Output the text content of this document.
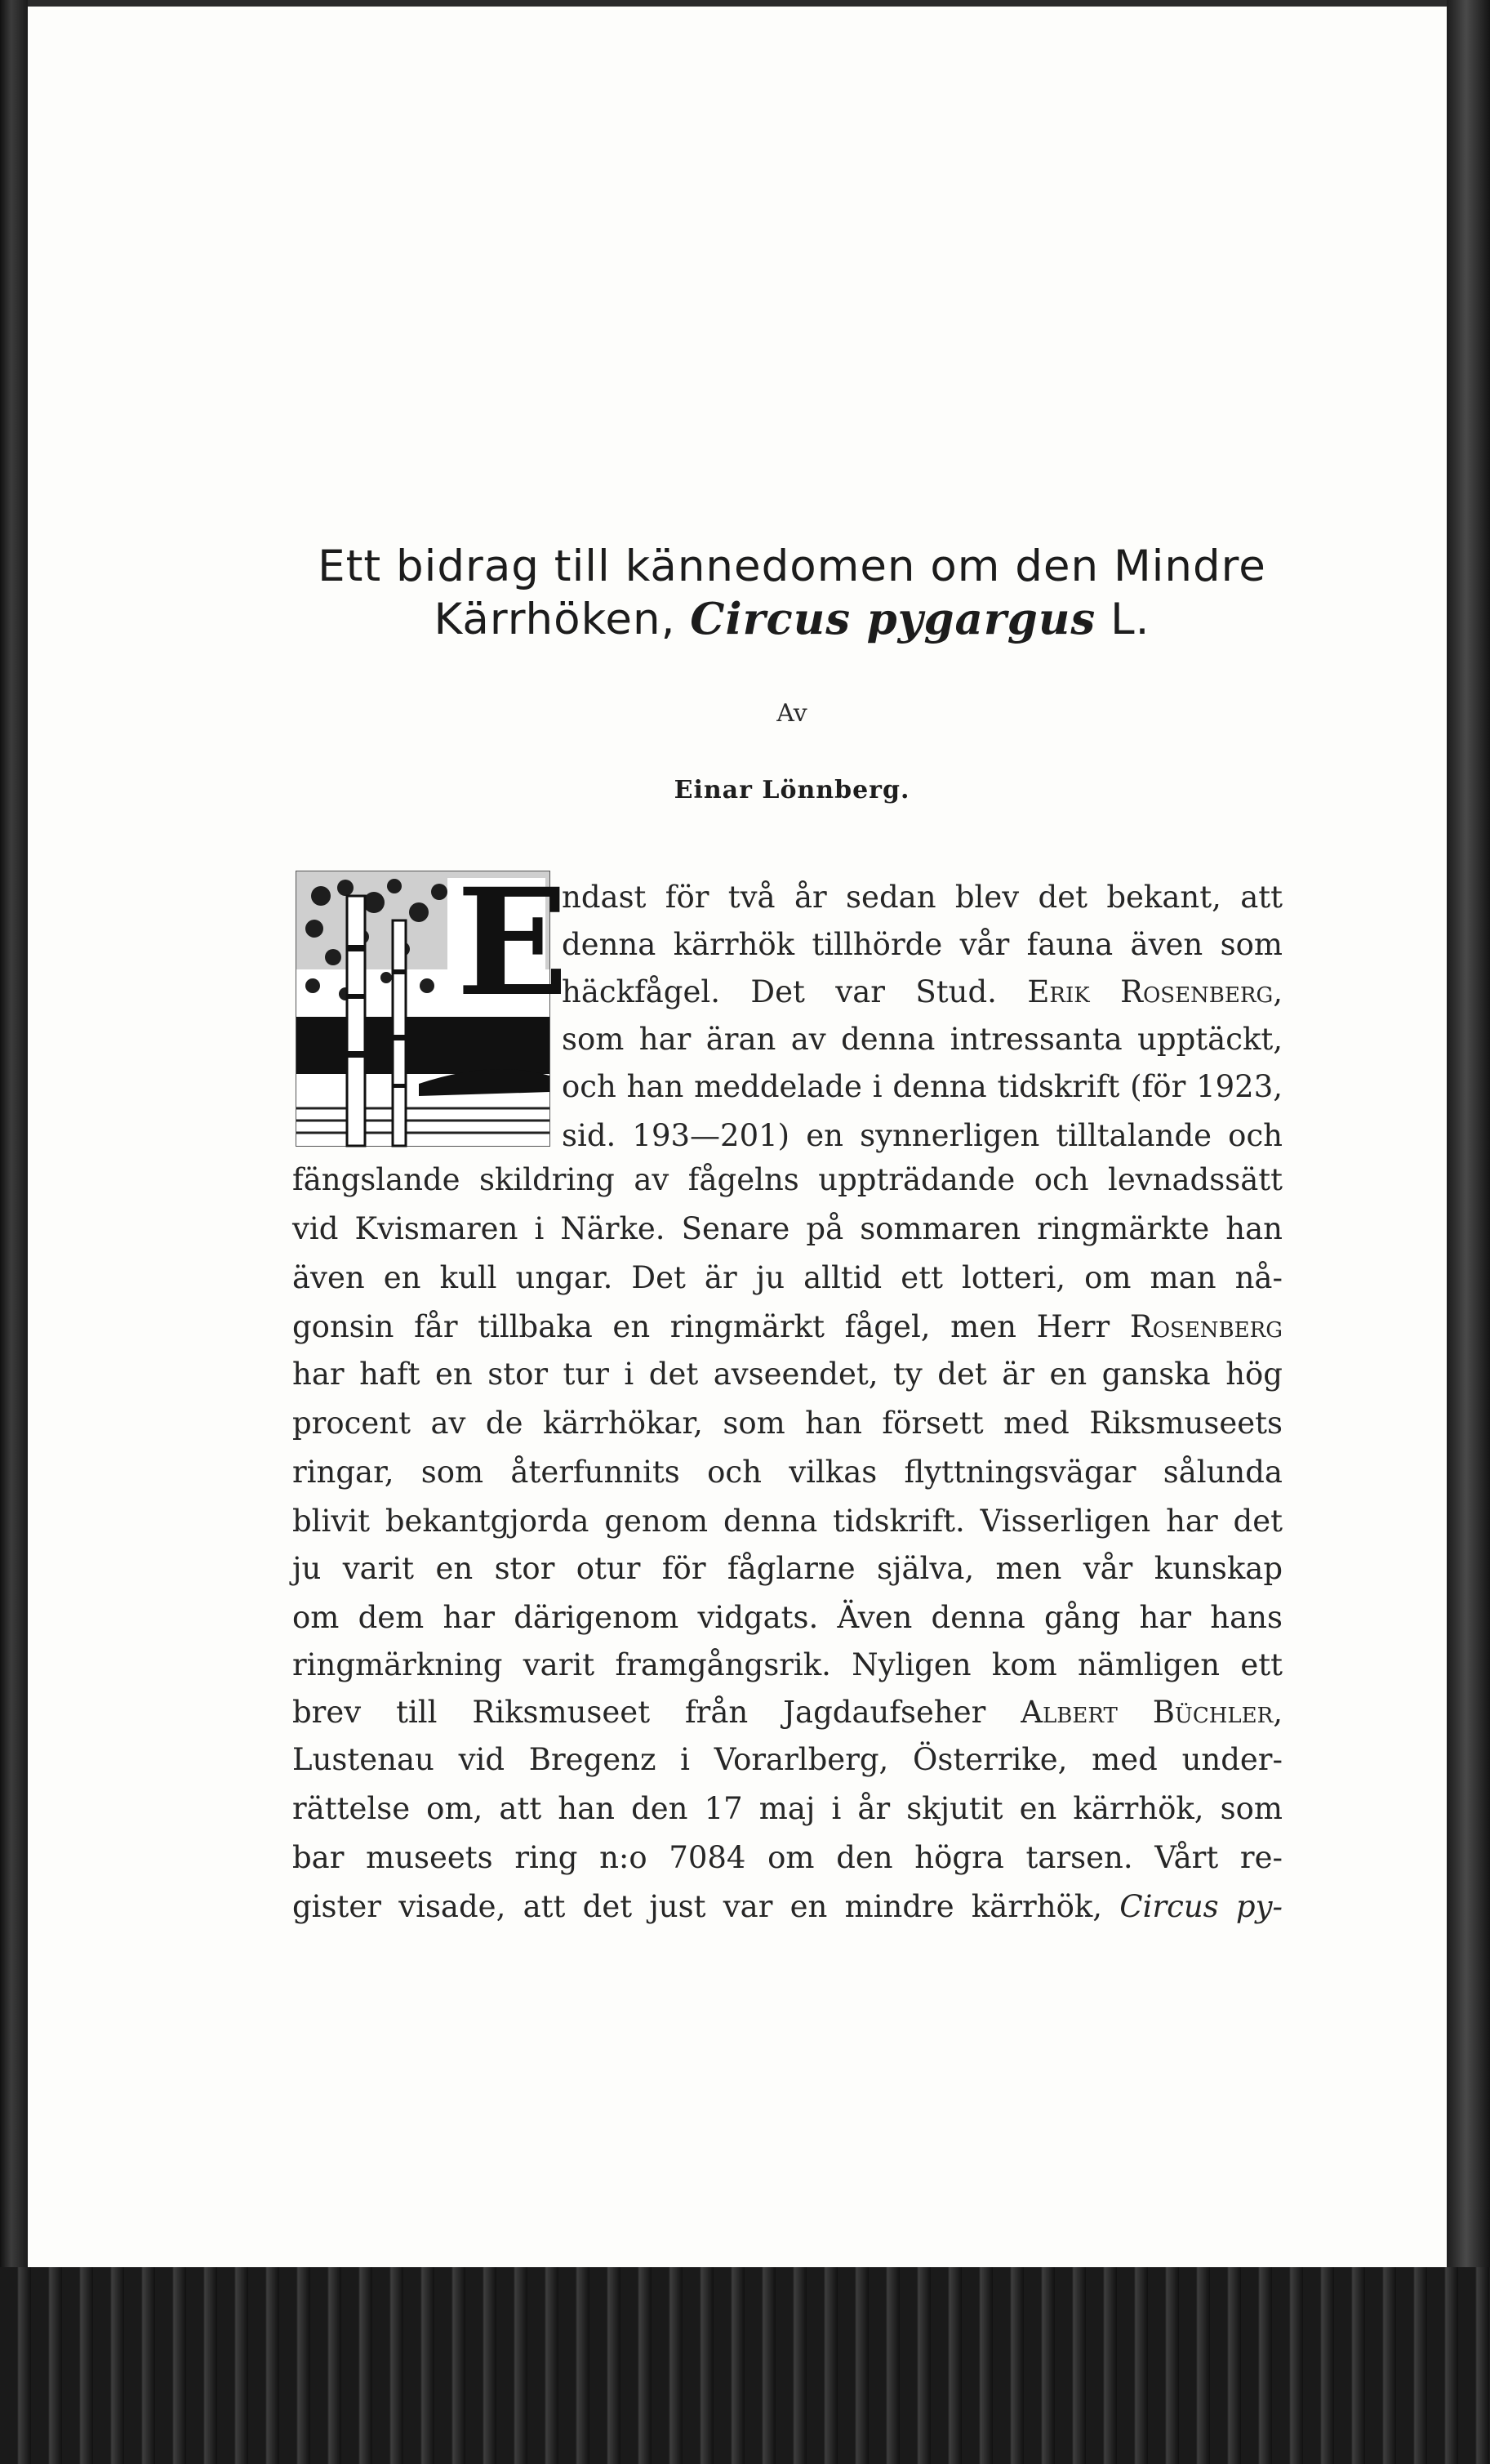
Ett bidrag till kännedomen om den Mindre
Kärrhöken, Circus pygargus L.
Av
Einar Lönnberg.
E
ndast för två år sedan blev det bekant, att
denna kärrhök tillhörde vår fauna även som
häckfågel. Det var Stud. Erik Rosenberg,
som har äran av denna intressanta upptäckt,
och han meddelade i denna tidskrift (för 1923,
sid. 193—201) en synnerligen tilltalande och
fängslande skildring av fågelns uppträdande och levnadssätt
vid Kvismaren i Närke. Senare på sommaren ringmärkte han
även en kull ungar. Det är ju alltid ett lotteri, om man nå-
gonsin får tillbaka en ringmärkt fågel, men Herr Rosenberg
har haft en stor tur i det avseendet, ty det är en ganska hög
procent av de kärrhökar, som han försett med Riksmuseets
ringar, som återfunnits och vilkas flyttningsvägar sålunda
blivit bekantgjorda genom denna tidskrift. Visserligen har det
ju varit en stor otur för fåglarne själva, men vår kunskap
om dem har därigenom vidgats. Även denna gång har hans
ringmärkning varit framgångsrik. Nyligen kom nämligen ett
brev till Riksmuseet från Jagdaufseher Albert Büchler,
Lustenau vid Bregenz i Vorarlberg, Österrike, med under-
rättelse om, att han den 17 maj i år skjutit en kärrhök, som
bar museets ring n:o 7084 om den högra tarsen. Vårt re-
gister visade, att det just var en mindre kärrhök, Circus py-
